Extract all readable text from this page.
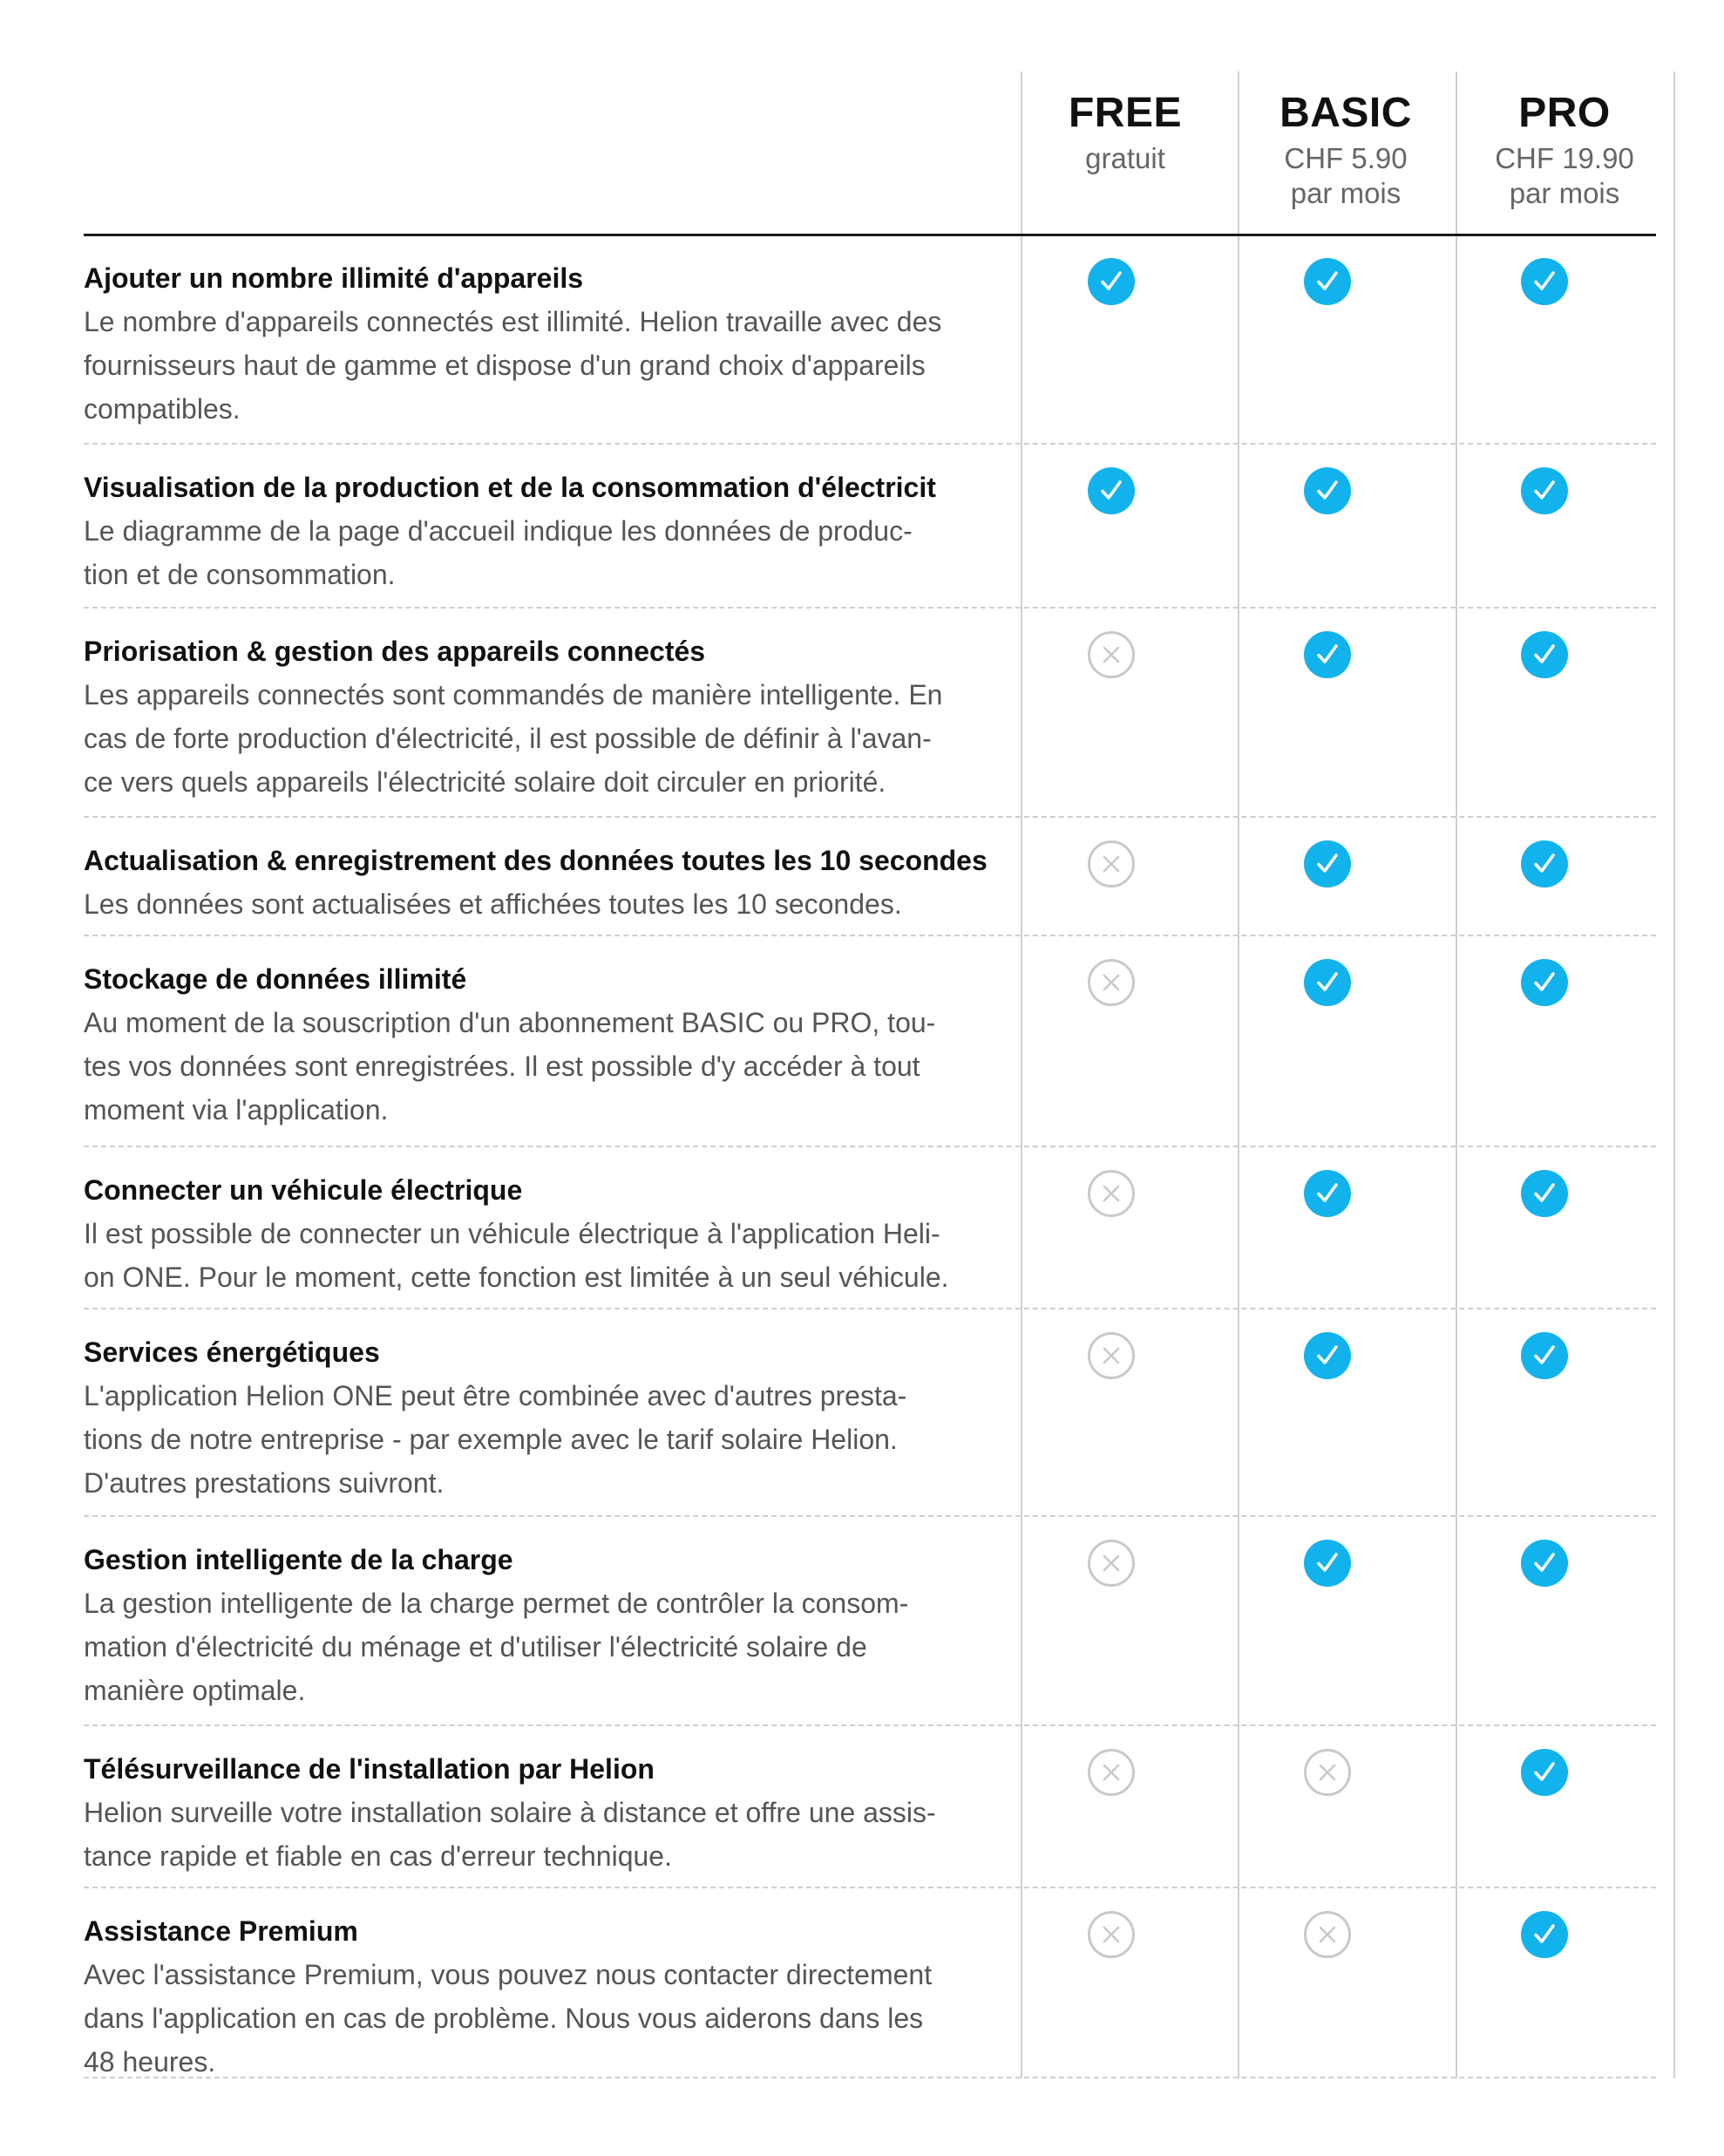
FREE
gratuit
BASIC
CHF 5.90
par mois
PRO
CHF 19.90
par mois
Ajouter un nombre illimité d'appareils
Le nombre d'appareils connectés est illimité. Helion travaille avec des
fournisseurs haut de gamme et dispose d'un grand choix d'appareils
compatibles.
Visualisation de la production et de la consommation d'électricit
Le diagramme de la page d'accueil indique les données de produc-
tion et de consommation.
Priorisation & gestion des appareils connectés
Les appareils connectés sont commandés de manière intelligente. En
cas de forte production d'électricité, il est possible de définir à l'avan-
ce vers quels appareils l'électricité solaire doit circuler en priorité.
Actualisation & enregistrement des données toutes les 10 secondes
Les données sont actualisées et affichées toutes les 10 secondes.
Stockage de données illimité
Au moment de la souscription d'un abonnement BASIC ou PRO, tou-
tes vos données sont enregistrées. Il est possible d'y accéder à tout
moment via l'application.
Connecter un véhicule électrique
Il est possible de connecter un véhicule électrique à l'application Heli-
on ONE. Pour le moment, cette fonction est limitée à un seul véhicule.
Services énergétiques
L'application Helion ONE peut être combinée avec d'autres presta-
tions de notre entreprise - par exemple avec le tarif solaire Helion.
D'autres prestations suivront.
Gestion intelligente de la charge
La gestion intelligente de la charge permet de contrôler la consom-
mation d'électricité du ménage et d'utiliser l'électricité solaire de
manière optimale.
Télésurveillance de l'installation par Helion
Helion surveille votre installation solaire à distance et offre une assis-
tance rapide et fiable en cas d'erreur technique.
Assistance Premium
Avec l'assistance Premium, vous pouvez nous contacter directement
dans l'application en cas de problème. Nous vous aiderons dans les
48 heures.
